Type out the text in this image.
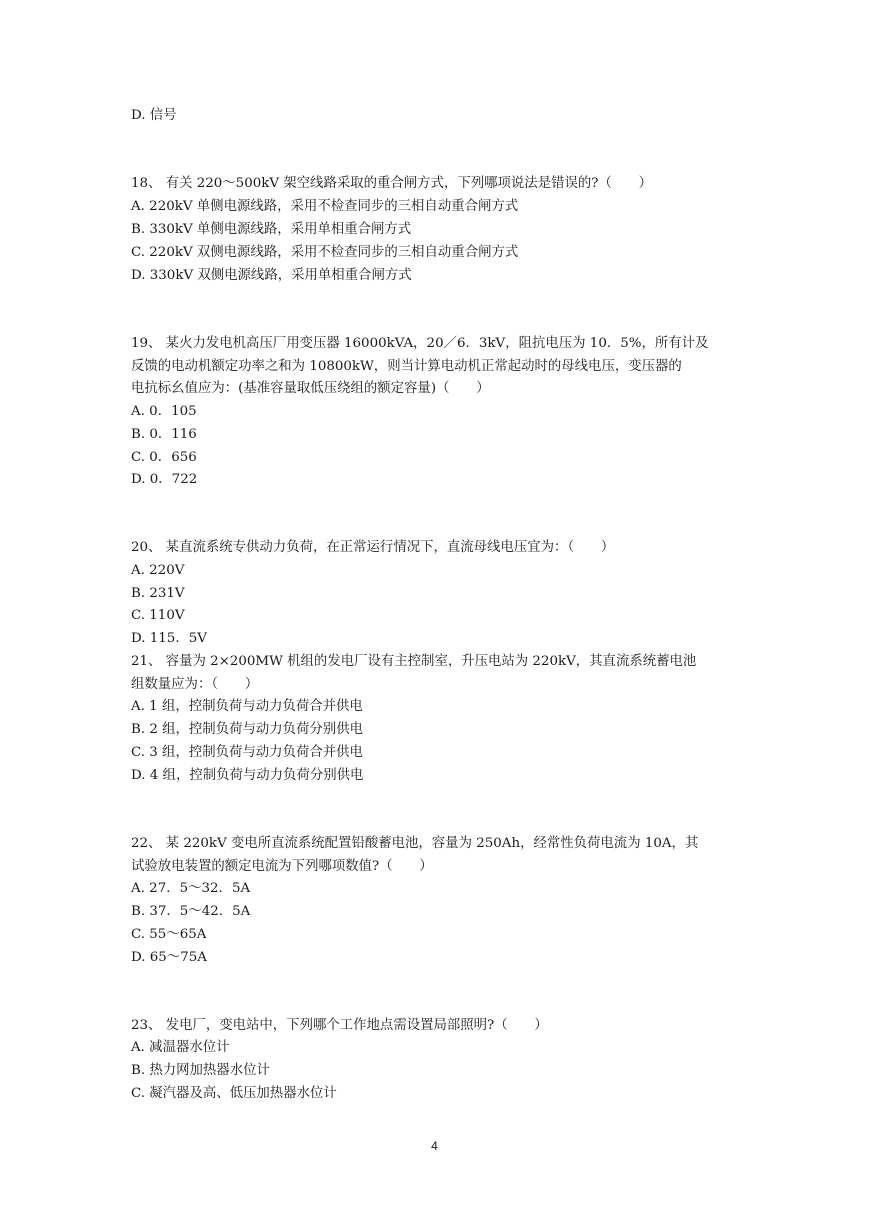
D. 信号
18、 有关 220～500kV 架空线路采取的重合闸方式，下列哪项说法是错误的?（　　）
A. 220kV 单侧电源线路，采用不检查同步的三相自动重合闸方式
B. 330kV 单侧电源线路，采用单相重合闸方式
C. 220kV 双侧电源线路，采用不检查同步的三相自动重合闸方式
D. 330kV 双侧电源线路，采用单相重合闸方式
19、 某火力发电机高压厂用变压器 16000kVA，20／6．3kV，阻抗电压为 10．5%，所有计及
反馈的电动机额定功率之和为 10800kW，则当计算电动机正常起动时的母线电压，变压器的
电抗标幺值应为：(基准容量取低压绕组的额定容量)（　　）
A. 0．105
B. 0．116
C. 0．656
D. 0．722
20、 某直流系统专供动力负荷，在正常运行情况下，直流母线电压宜为：（　　）
A. 220V
B. 231V
C. 110V
D. 115．5V
21、 容量为 2×200MW 机组的发电厂设有主控制室，升压电站为 220kV，其直流系统蓄电池
组数量应为：（　　）
A. 1 组，控制负荷与动力负荷合并供电
B. 2 组，控制负荷与动力负荷分别供电
C. 3 组，控制负荷与动力负荷合并供电
D. 4 组，控制负荷与动力负荷分别供电
22、 某 220kV 变电所直流系统配置铅酸蓄电池，容量为 250Ah，经常性负荷电流为 10A，其
试验放电装置的额定电流为下列哪项数值?（　　）
A. 27．5～32．5A
B. 37．5～42．5A
C. 55～65A
D. 65～75A
23、 发电厂，变电站中，下列哪个工作地点需设置局部照明?（　　）
A. 减温器水位计
B. 热力网加热器水位计
C. 凝汽器及高、低压加热器水位计
4
